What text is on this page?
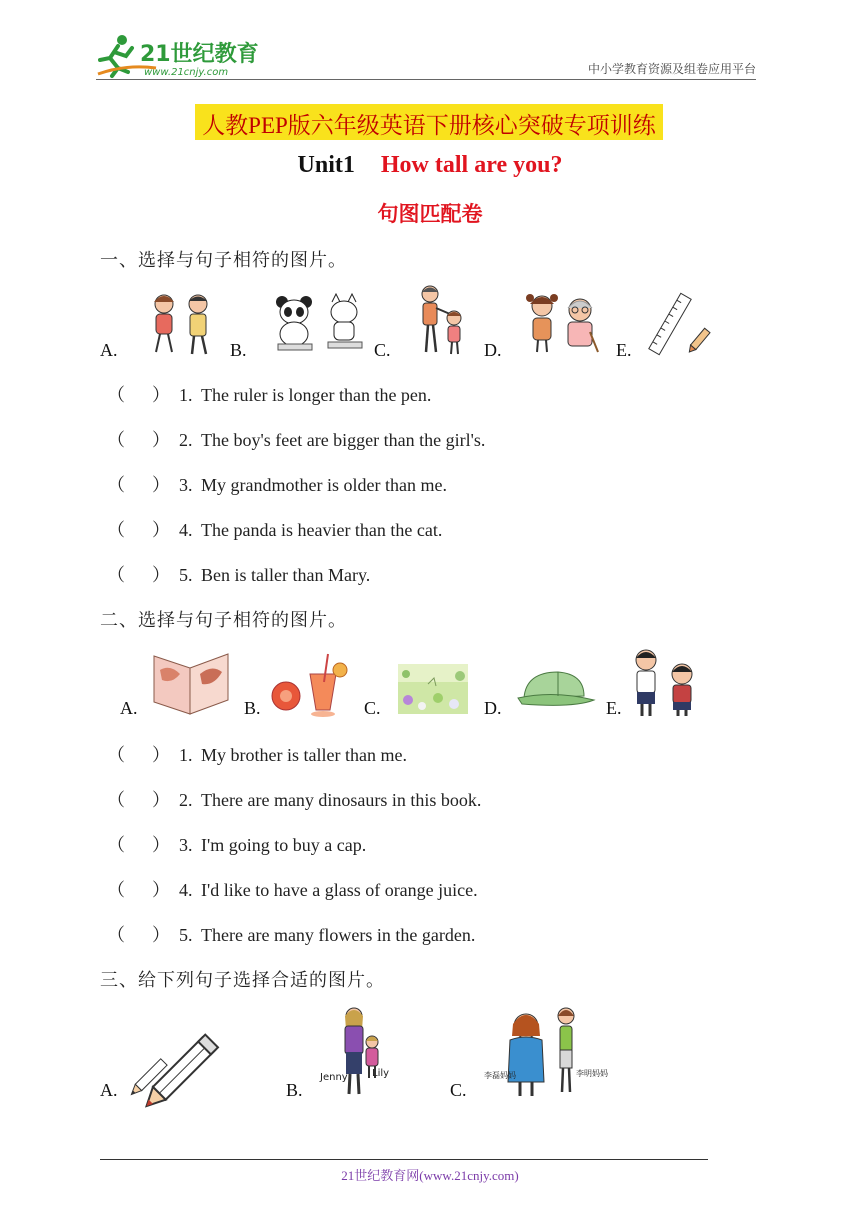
21世纪教育
www.21cnjy.com	中小学教育资源及组卷应用平台
人教PEP版六年级英语下册核心突破专项训练
Unit1 How tall are you?
句图匹配卷
一、选择与句子相符的图片。
A.	B.	C.	D.	E.
（      ） 1. The ruler is longer than the pen.
（      ） 2. The boy's feet are bigger than the girl's.
（      ） 3. My grandmother is older than me.
（      ） 4. The panda is heavier than the cat.
（      ） 5. Ben is taller than Mary.
二、选择与句子相符的图片。
A.	B.	C.	D.	E.
（      ） 1. My brother is taller than me.
（      ） 2. There are many dinosaurs in this book.
（      ） 3. I'm going to buy a cap.
（      ） 4. I'd like to have a glass of orange juice.
（      ） 5. There are many flowers in the garden.
三、给下列句子选择合适的图片。
A.	B.
Jenny Lily
C.
李磊妈妈	李明妈妈
21世纪教育网(www.21cnjy.com)
